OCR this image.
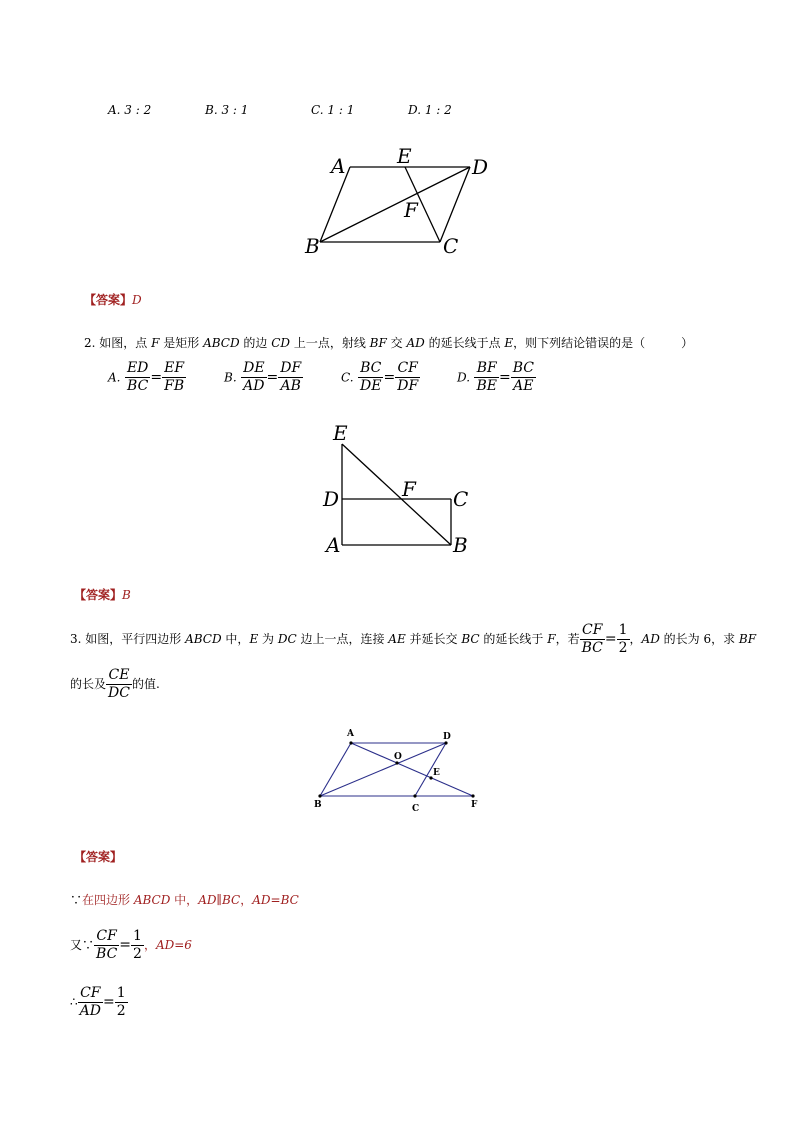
A. 3 : 2	B. 3 : 1	C. 1 : 1	D. 1 : 2
A	E	D
F
B	C
【答案】D
2. 如图，点 F 是矩形 ABCD 的边 CD 上一点，射线 BF 交 AD 的延长线于点 E，则下列结论错误的是（　　　）
A. $\frac{ED}{BC} = \frac{EF}{FB}$	B. $\frac{DE}{AD} = \frac{DF}{AB}$	C. $\frac{BC}{DE} = \frac{CF}{DF}$	D. $\frac{BF}{BE} = \frac{BC}{AE}$
E
D	F C
A	B
【答案】B
3. 如图，平行四边形 ABCD 中，E 为 DC 边上一点，连接 AE 并延长交 BC 的延长线于 F，若 $\frac{CF}{BC} = \frac{1}{2}$ ，AD 的长为 6，求 BF
的长及 $\frac{CE}{DC}$ 的值.
A	D
O
E
B	C	F
【答案】
∵在四边形 ABCD 中，AD∥BC，AD=BC
又∵ $\frac{CF}{BC} = \frac{1}{2}$ ，AD=6
∴ $\frac{CF}{AD} = \frac{1}{2}$
